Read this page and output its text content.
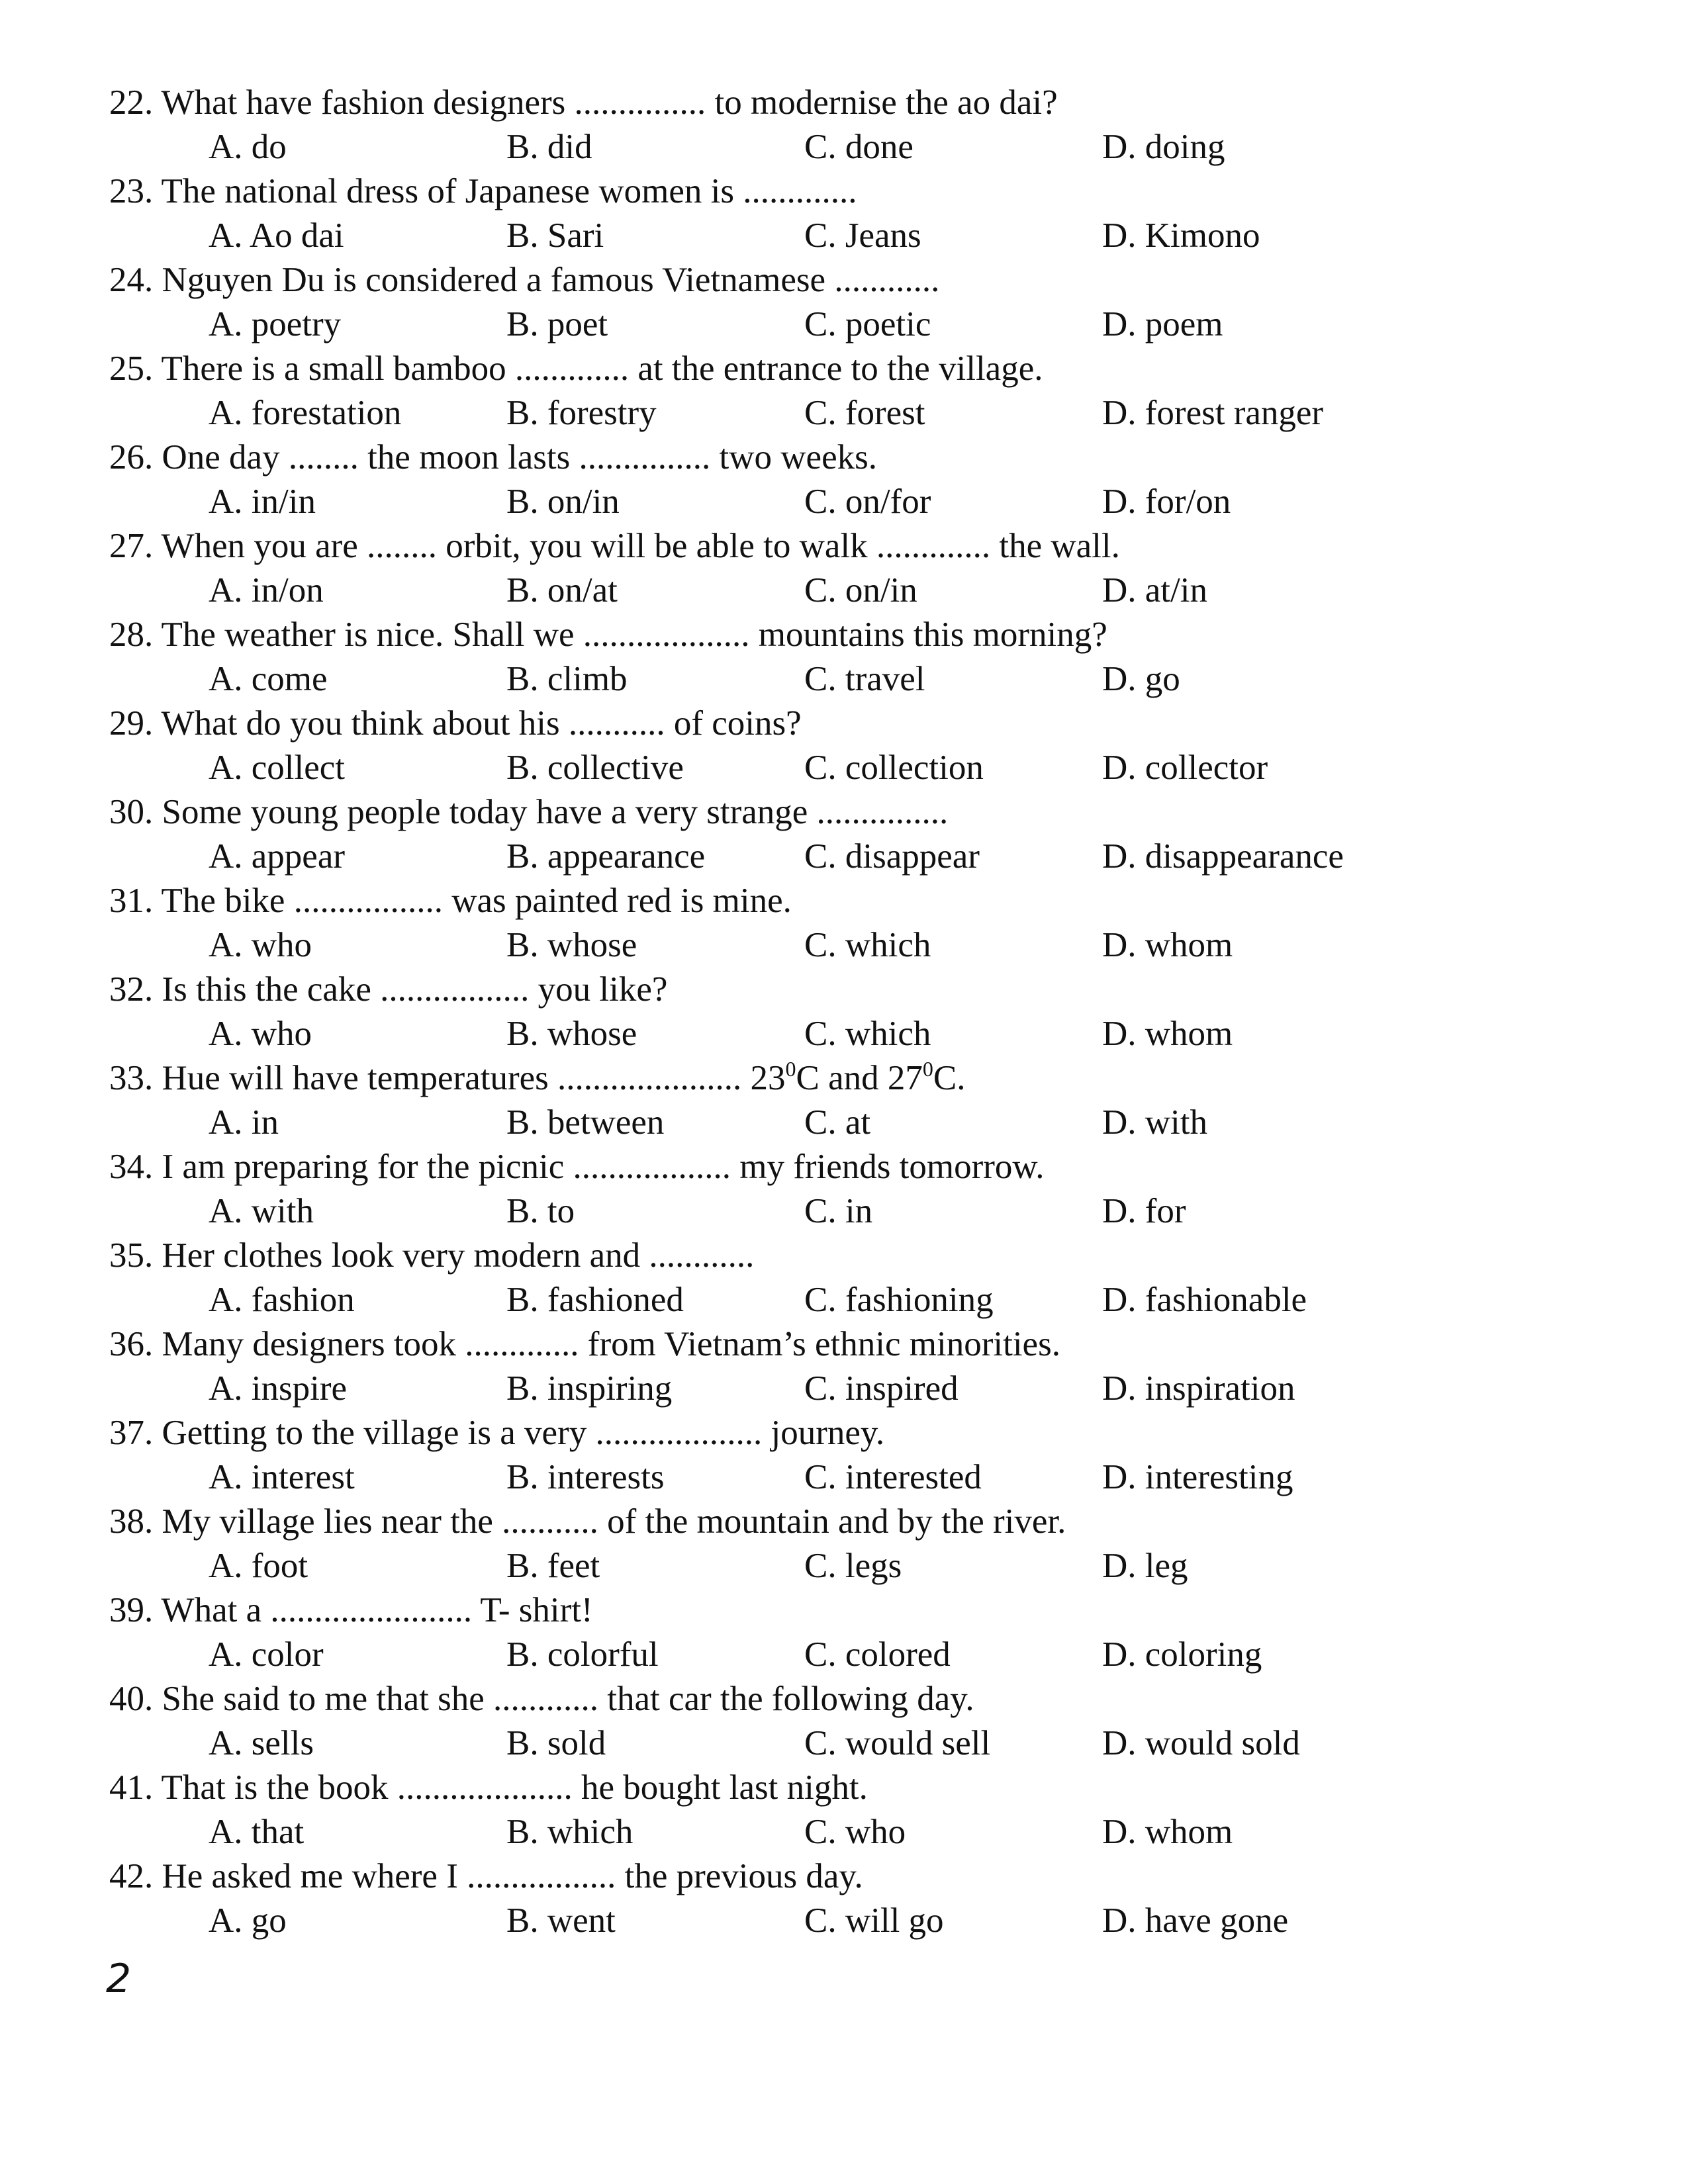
22. What have fashion designers ............... to modernise the ao dai?
A. do	B. did	C. done	D. doing
23. The national dress of Japanese women is .............
A. Ao dai	B. Sari	C. Jeans	D. Kimono
24. Nguyen Du is considered a famous Vietnamese ............
A. poetry	B. poet	C. poetic	D. poem
25. There is a small bamboo ............. at the entrance to the village.
A. forestation	B. forestry	C. forest	D. forest ranger
26. One day ........ the moon lasts ............... two weeks.
A. in/in	B. on/in	C. on/for	D. for/on
27. When you are ........ orbit, you will be able to walk ............. the wall.
A. in/on	B. on/at	C. on/in	D. at/in
28. The weather is nice. Shall we ................... mountains this morning?
A. come	B. climb	C. travel	D. go
29. What do you think about his ........... of coins?
A. collect	B. collective	C. collection	D. collector
30. Some young people today have a very strange ...............
A. appear	B. appearance	C. disappear	D. disappearance
31. The bike ................. was painted red is mine.
A. who	B. whose	C. which	D. whom
32. Is this the cake ................. you like?
A. who	B. whose	C. which	D. whom
33. Hue will have temperatures ..................... $23^0C$ and $27^0C$.
A. in	B. between	C. at	D. with
34. I am preparing for the picnic .................. my friends tomorrow.
A. with	B. to	C. in	D. for
35. Her clothes look very modern and ............
A. fashion	B. fashioned	C. fashioning	D. fashionable
36. Many designers took ............. from Vietnam’s ethnic minorities.
A. inspire	B. inspiring	C. inspired	D. inspiration
37. Getting to the village is a very ................... journey.
A. interest	B. interests	C. interested	D. interesting
38. My village lies near the ........... of the mountain and by the river.
A. foot	B. feet	C. legs	D. leg
39. What a ....................... T- shirt!
A. color	B. colorful	C. colored	D. coloring
40. She said to me that she ............ that car the following day.
A. sells	B. sold	C. would sell	D. would sold
41. That is the book .................... he bought last night.
A. that	B. which	C. who	D. whom
42. He asked me where I ................. the previous day.
A. go	B. went	C. will go	D. have gone
2
